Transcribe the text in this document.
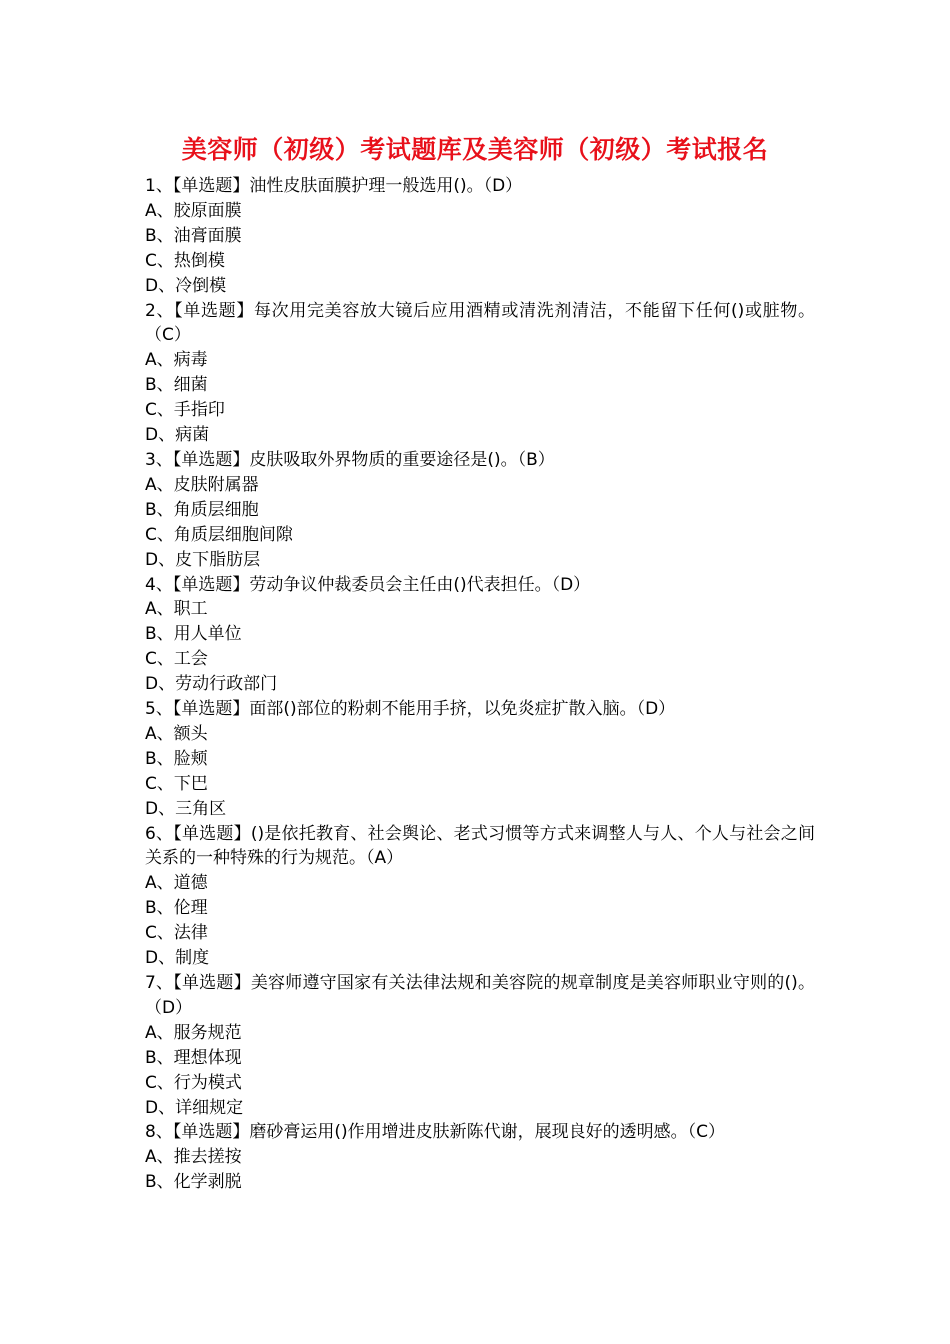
美容师（初级）考试题库及美容师（初级）考试报名

1、【单选题】油性皮肤面膜护理一般选用()。（D）

A、胶原面膜

B、油膏面膜

C、热倒模

D、冷倒模

2、【单选题】每次用完美容放大镜后应用酒精或清洗剂清洁，不能留下任何()或脏物。（C）

A、病毒

B、细菌

C、手指印

D、病菌

3、【单选题】皮肤吸取外界物质的重要途径是()。（B）

A、皮肤附属器

B、角质层细胞

C、角质层细胞间隙

D、皮下脂肪层

4、【单选题】劳动争议仲裁委员会主任由()代表担任。（D）

A、职工

B、用人单位

C、工会

D、劳动行政部门

5、【单选题】面部()部位的粉刺不能用手挤，以免炎症扩散入脑。（D）

A、额头

B、脸颊

C、下巴

D、三角区

6、【单选题】()是依托教育、社会舆论、老式习惯等方式来调整人与人、个人与社会之间关系的一种特殊的行为规范。（A）

A、道德

B、伦理

C、法律

D、制度

7、【单选题】美容师遵守国家有关法律法规和美容院的规章制度是美容师职业守则的()。（D）

A、服务规范

B、理想体现

C、行为模式

D、详细规定

8、【单选题】磨砂膏运用()作用增进皮肤新陈代谢，展现良好的透明感。（C）

A、推去搓按

B、化学剥脱
